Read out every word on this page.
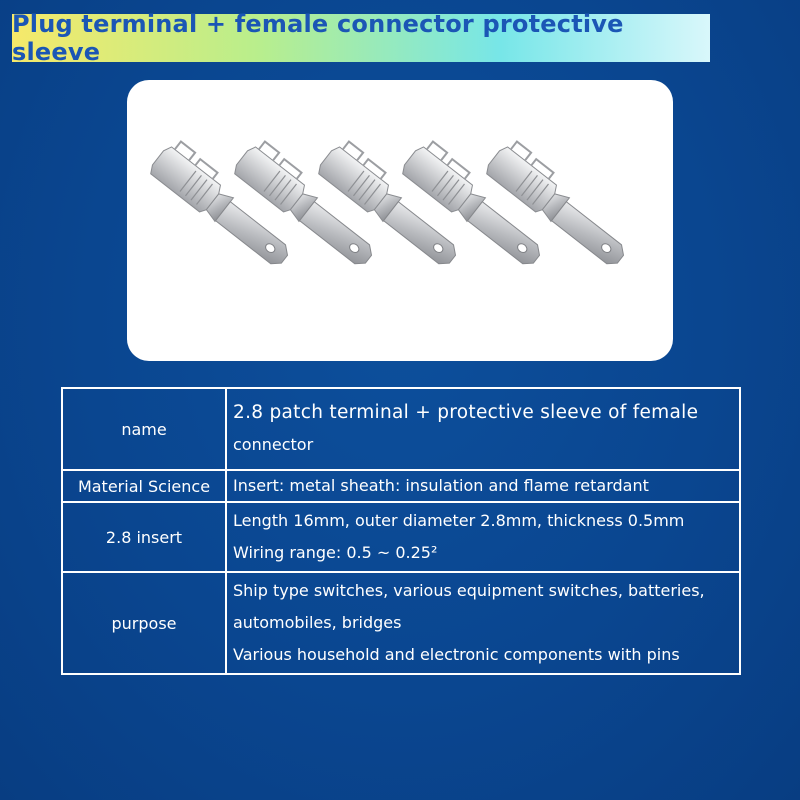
Plug terminal + female connector protective sleeve
name	2.8 patch terminal + protective sleeve of female
connector

Material Science	Insert: metal sheath: insulation and flame retardant

2.8 insert	Length 16mm, outer diameter 2.8mm, thickness 0.5mm
Wiring range: 0.5 ~ 0.25²

purpose	Ship type switches, various equipment switches, batteries,
automobiles, bridges
Various household and electronic components with pins
